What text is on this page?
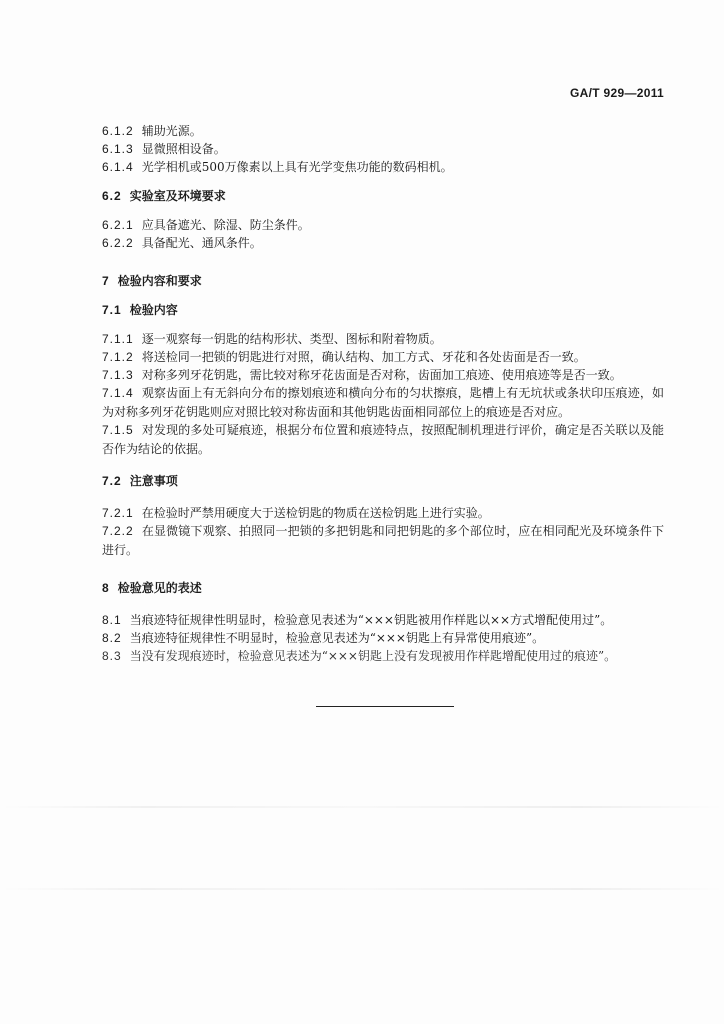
GA/T 929—2011
6.1.2 辅助光源。
6.1.3 显微照相设备。
6.1.4 光学相机或500万像素以上具有光学变焦功能的数码相机。
6.2 实验室及环境要求
6.2.1 应具备遮光、除湿、防尘条件。
6.2.2 具备配光、通风条件。
7 检验内容和要求
7.1 检验内容
7.1.1 逐一观察每一钥匙的结构形状、类型、图标和附着物质。
7.1.2 将送检同一把锁的钥匙进行对照，确认结构、加工方式、牙花和各处齿面是否一致。
7.1.3 对称多列牙花钥匙，需比较对称牙花齿面是否对称，齿面加工痕迹、使用痕迹等是否一致。
7.1.4 观察齿面上有无斜向分布的擦划痕迹和横向分布的匀状擦痕，匙槽上有无坑状或条状印压痕迹，如为对称多列牙花钥匙则应对照比较对称齿面和其他钥匙齿面相同部位上的痕迹是否对应。
7.1.5 对发现的多处可疑痕迹，根据分布位置和痕迹特点，按照配制机理进行评价，确定是否关联以及能否作为结论的依据。
7.2 注意事项
7.2.1 在检验时严禁用硬度大于送检钥匙的物质在送检钥匙上进行实验。
7.2.2 在显微镜下观察、拍照同一把锁的多把钥匙和同把钥匙的多个部位时，应在相同配光及环境条件下进行。
8 检验意见的表述
8.1 当痕迹特征规律性明显时，检验意见表述为“×××钥匙被用作样匙以××方式增配使用过”。
8.2 当痕迹特征规律性不明显时，检验意见表述为“×××钥匙上有异常使用痕迹”。
8.3 当没有发现痕迹时，检验意见表述为“×××钥匙上没有发现被用作样匙增配使用过的痕迹”。
